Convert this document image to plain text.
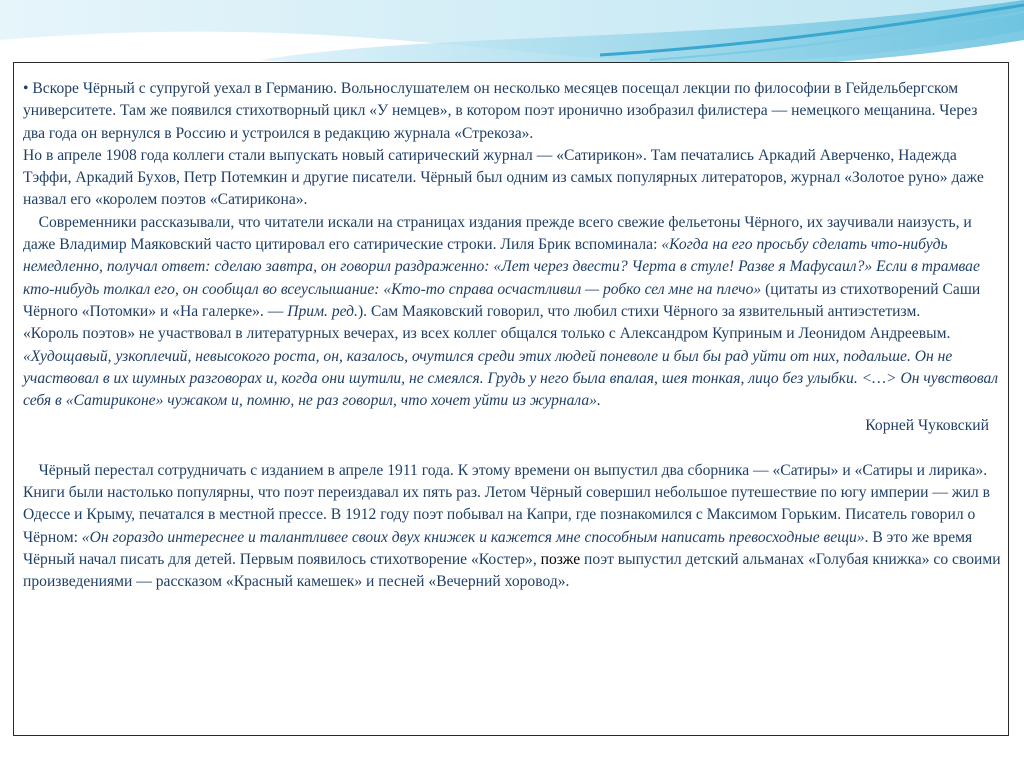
• Вскоре Чёрный с супругой уехал в Германию. Вольнослушателем он несколько месяцев посещал лекции по философии в Гейдельбергском университете. Там же появился стихотворный цикл «У немцев», в котором поэт иронично изобразил филистера — немецкого мещанина. Через два года он вернулся в Россию и устроился в редакцию журнала «Стрекоза».

Но в апреле 1908 года коллеги стали выпускать новый сатирический журнал — «Сатирикон». Там печатались Аркадий Аверченко, Надежда Тэффи, Аркадий Бухов, Петр Потемкин и другие писатели. Чёрный был одним из самых популярных литераторов, журнал «Золотое руно» даже назвал его «королем поэтов «Сатирикона».

Современники рассказывали, что читатели искали на страницах издания прежде всего свежие фельетоны Чёрного, их заучивали наизусть, и даже Владимир Маяковский часто цитировал его сатирические строки. Лиля Брик вспоминала: «Когда на его просьбу сделать что-нибудь немедленно, получал ответ: сделаю завтра, он говорил раздраженно: «Лет через двести? Черта в стуле! Разве я Мафусаил?» Если в трамвае кто-нибудь толкал его, он сообщал во всеуслышание: «Кто-то справа осчастливил — робко сел мне на плечо» (цитаты из стихотворений Саши Чёрного «Потомки» и «На галерке». — Прим. ред.). Сам Маяковский говорил, что любил стихи Чёрного за язвительный антиэстетизм.

«Король поэтов» не участвовал в литературных вечерах, из всех коллег общался только с Александром Куприным и Леонидом Андреевым.

«Худощавый, узкоплечий, невысокого роста, он, казалось, очутился среди этих людей поневоле и был бы рад уйти от них, подальше. Он не участвовал в их шумных разговорах и, когда они шутили, не смеялся. Грудь у него была впалая, шея тонкая, лицо без улыбки. <…> Он чувствовал себя в «Сатириконе» чужаком и, помню, не раз говорил, что хочет уйти из журнала».

Корней Чуковский

Чёрный перестал сотрудничать с изданием в апреле 1911 года. К этому времени он выпустил два сборника — «Сатиры» и «Сатиры и лирика». Книги были настолько популярны, что поэт переиздавал их пять раз. Летом Чёрный совершил небольшое путешествие по югу империи — жил в Одессе и Крыму, печатался в местной прессе. В 1912 году поэт побывал на Капри, где познакомился с Максимом Горьким. Писатель говорил о Чёрном: «Он гораздо интереснее и талантливее своих двух книжек и кажется мне способным написать превосходные вещи». В это же время Чёрный начал писать для детей. Первым появилось стихотворение «Костер», позже поэт выпустил детский альманах «Голубая книжка» со своими произведениями — рассказом «Красный камешек» и песней «Вечерний хоровод».
